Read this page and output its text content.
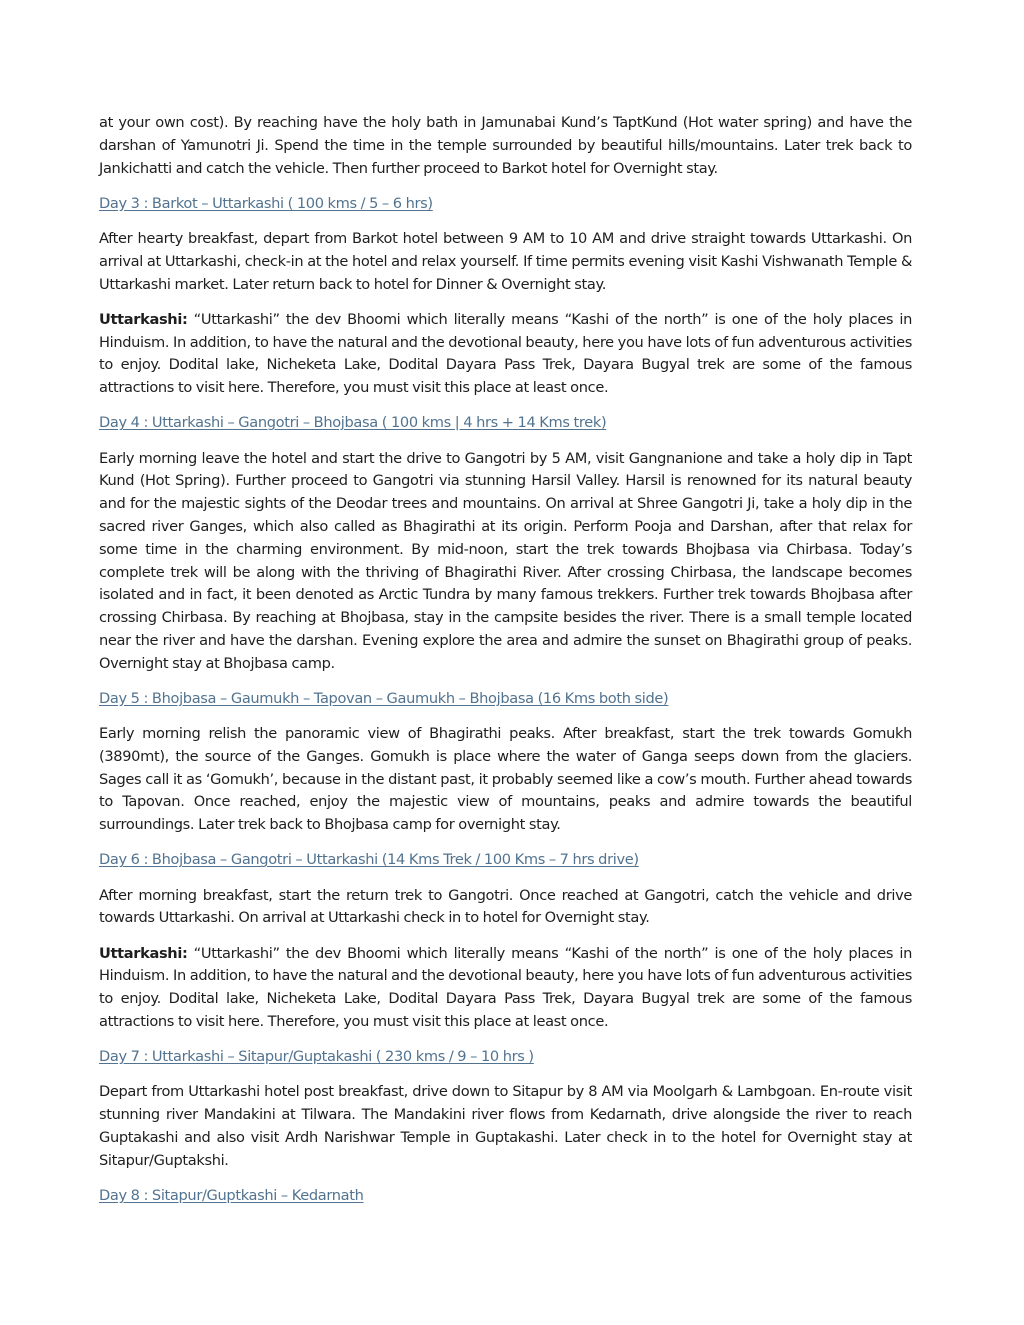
at your own cost). By reaching have the holy bath in Jamunabai Kund’s TaptKund (Hot water spring) and have the darshan of Yamunotri Ji. Spend the time in the temple surrounded by beautiful hills/mountains. Later trek back to Jankichatti and catch the vehicle. Then further proceed to Barkot hotel for Overnight stay.

Day 3 : Barkot – Uttarkashi ( 100 kms / 5 – 6 hrs)

After hearty breakfast, depart from Barkot hotel between 9 AM to 10 AM and drive straight towards Uttarkashi. On arrival at Uttarkashi, check-in at the hotel and relax yourself. If time permits evening visit Kashi Vishwanath Temple & Uttarkashi market. Later return back to hotel for Dinner & Overnight stay.

Uttarkashi: “Uttarkashi” the dev Bhoomi which literally means “Kashi of the north” is one of the holy places in Hinduism. In addition, to have the natural and the devotional beauty, here you have lots of fun adventurous activities to enjoy. Dodital lake, Nicheketa Lake, Dodital Dayara Pass Trek, Dayara Bugyal trek are some of the famous attractions to visit here. Therefore, you must visit this place at least once.

Day 4 : Uttarkashi – Gangotri – Bhojbasa ( 100 kms | 4 hrs + 14 Kms trek)

Early morning leave the hotel and start the drive to Gangotri by 5 AM, visit Gangnanione and take a holy dip in Tapt Kund (Hot Spring). Further proceed to Gangotri via stunning Harsil Valley. Harsil is renowned for its natural beauty and for the majestic sights of the Deodar trees and mountains. On arrival at Shree Gangotri Ji, take a holy dip in the sacred river Ganges, which also called as Bhagirathi at its origin. Perform Pooja and Darshan, after that relax for some time in the charming environment. By mid-noon, start the trek towards Bhojbasa via Chirbasa. Today’s complete trek will be along with the thriving of Bhagirathi River. After crossing Chirbasa, the landscape becomes isolated and in fact, it been denoted as Arctic Tundra by many famous trekkers. Further trek towards Bhojbasa after crossing Chirbasa. By reaching at Bhojbasa, stay in the campsite besides the river. There is a small temple located near the river and have the darshan. Evening explore the area and admire the sunset on Bhagirathi group of peaks. Overnight stay at Bhojbasa camp.

Day 5 : Bhojbasa – Gaumukh – Tapovan – Gaumukh – Bhojbasa (16 Kms both side)

Early morning relish the panoramic view of Bhagirathi peaks. After breakfast, start the trek towards Gomukh (3890mt), the source of the Ganges. Gomukh is place where the water of Ganga seeps down from the glaciers. Sages call it as ‘Gomukh’, because in the distant past, it probably seemed like a cow’s mouth. Further ahead towards to Tapovan. Once reached, enjoy the majestic view of mountains, peaks and admire towards the beautiful surroundings. Later trek back to Bhojbasa camp for overnight stay.

Day 6 : Bhojbasa – Gangotri – Uttarkashi (14 Kms Trek / 100 Kms – 7 hrs drive)

After morning breakfast, start the return trek to Gangotri. Once reached at Gangotri, catch the vehicle and drive towards Uttarkashi. On arrival at Uttarkashi check in to hotel for Overnight stay.

Uttarkashi: “Uttarkashi” the dev Bhoomi which literally means “Kashi of the north” is one of the holy places in Hinduism. In addition, to have the natural and the devotional beauty, here you have lots of fun adventurous activities to enjoy. Dodital lake, Nicheketa Lake, Dodital Dayara Pass Trek, Dayara Bugyal trek are some of the famous attractions to visit here. Therefore, you must visit this place at least once.

Day 7 : Uttarkashi – Sitapur/Guptakashi ( 230 kms / 9 – 10 hrs )

Depart from Uttarkashi hotel post breakfast, drive down to Sitapur by 8 AM via Moolgarh & Lambgoan. En-route visit stunning river Mandakini at Tilwara. The Mandakini river flows from Kedarnath, drive alongside the river to reach Guptakashi and also visit Ardh Narishwar Temple in Guptakashi. Later check in to the hotel for Overnight stay at Sitapur/Guptakshi.

Day 8 : Sitapur/Guptkashi – Kedarnath
